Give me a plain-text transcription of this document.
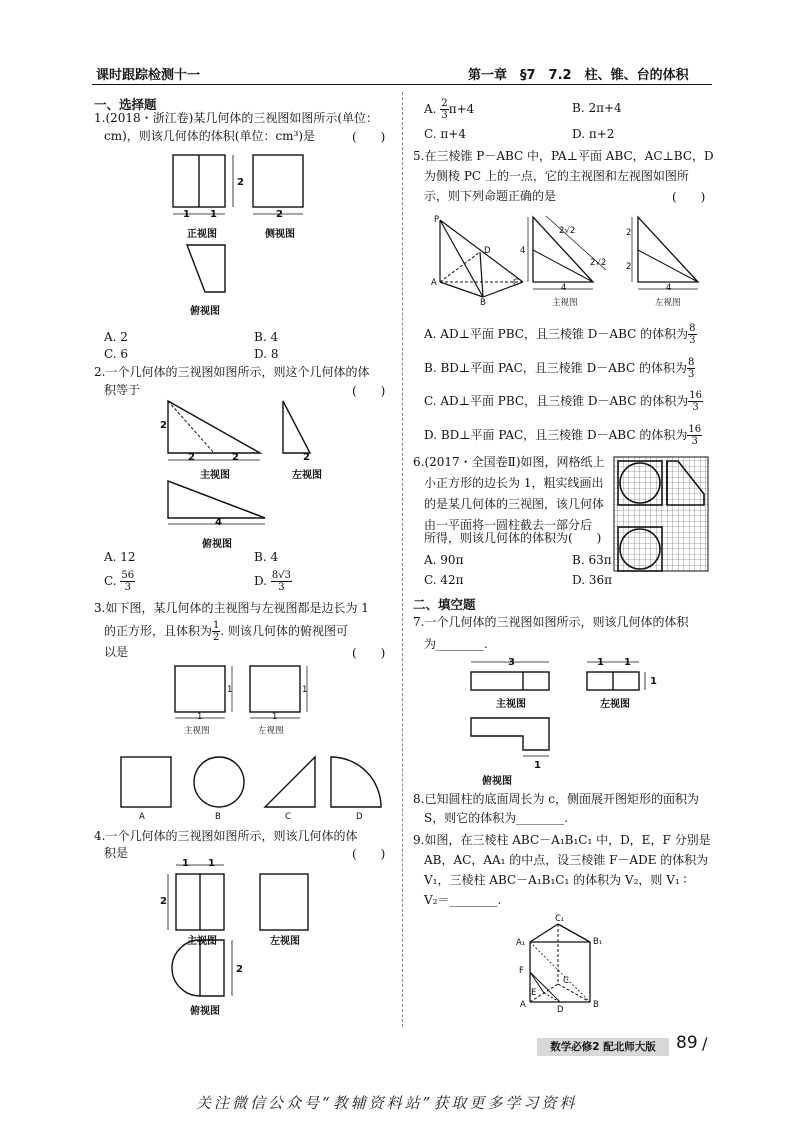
课时跟踪检测十一	第一章　§7　7.2　柱、锥、台的体积
一、选择题
1.(2018・浙江卷)某几何体的三视图如图所示(单位：
cm)，则该几何体的体积(单位：cm³)是	(　　)
2
1 1	2
正视图	侧视图
俯视图
A. 2	B. 4
C. 6	D. 8
2.一个几何体的三视图如图所示，则这个几何体的体
积等于	(　　)
2
2	2	2
主视图	左视图
4
俯视图
A. 12	B. 4
C. $\frac{56}{3}$	D. $\frac{8√3}{3}$
3.如下图，某几何体的主视图与左视图都是边长为 1
的正方形，且体积为 $\frac{1}{2}$ . 则该几何体的俯视图可
以是	(　　)
1
1
1
1
主视图	左视图
A	B	C	D
4.一个几何体的三视图如图所示，则该几何体的体
积是	(　　)
1 1
2
主视图	左视图
2
俯视图
A. $\frac{2}{3} \pi+4$	B. 2π+4
C. π+4	D. π+2
5.在三棱锥 P－ABC 中，PA⊥平面 ABC，AC⊥BC，D
为侧棱 PC 上的一点，它的主视图和左视图如图所
示，则下列命题正确的是	(　　)
P
A
B
C
D	4
2√2
2√2
4
2
2
4
主视图	左视图
A. AD⊥平面 PBC，且三棱锥 D－ABC 的体积为 $\frac{8}{3}$
B. BD⊥平面 PAC，且三棱锥 D－ABC 的体积为 $\frac{8}{3}$
C. AD⊥平面 PBC，且三棱锥 D－ABC 的体积为 $\frac{16}{3}$
D. BD⊥平面 PAC，且三棱锥 D－ABC 的体积为 $\frac{16}{3}$
6.(2017・全国卷Ⅱ)如图，网格纸上
小正方形的边长为 1，粗实线画出
的是某几何体的三视图，该几何体
由一平面将一圆柱截去一部分后
所得，则该几何体的体积为(　　)
A. 90π	B. 63π
C. 42π	D. 36π
二、填空题
7.一个几何体的三视图如图所示，则该几何体的体积
为________.
3	1 1
1
主视图	左视图
1
俯视图
8.已知圆柱的底面周长为 c，侧面展开图矩形的面积为
S，则它的体积为________.
9.如图，在三棱柱 ABC－A₁B₁C₁ 中，D，E，F 分别是
AB，AC，AA₁ 的中点，设三棱锥 F－ADE 的体积为
V₁，三棱柱 ABC－A₁B₁C₁ 的体积为 V₂，则 V₁ ∶
V₂＝________.
C₁
A₁	B₁
F
C
E
A	D	B
数学必修2 配北师大版	89 /
关注微信公众号“教辅资料站”获取更多学习资料
